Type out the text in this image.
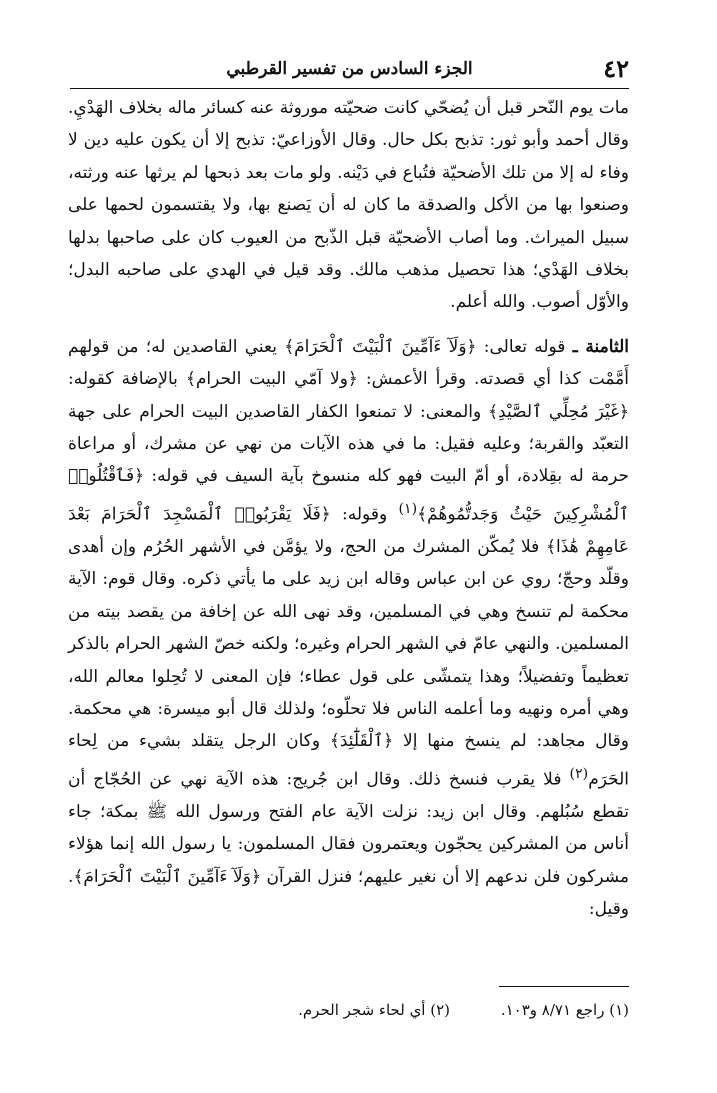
٤٢
الجزء السادس من تفسير القرطبي

مات يوم النّحر قبل أن يُضحّي كانت ضحيّته موروثة عنه كسائر ماله بخلاف الهَدْيِ. وقال أحمد وأبو ثور: تذبح بكل حال. وقال الأوزاعيّ: تذبح إلا أن يكون عليه دين لا وفاء له إلا من تلك الأضحيّة فتُباع في دَيْنه. ولو مات بعد ذبحها لم يرثها عنه ورثته، وصنعوا بها من الأكل والصدقة ما كان له أن يَصنع بها، ولا يقتسمون لحمها على سبيل الميراث. وما أصاب الأضحيّة قبل الذّبح من العيوب كان على صاحبها بدلها بخلاف الهَدْي؛ هذا تحصيل مذهب مالك. وقد قيل في الهدي على صاحبه البدل؛ والأوّل أصوب. والله أعلم.

الثامنة ـ قوله تعالى: ﴿وَلَآ ءَآمِّينَ ٱلْبَيْتَ ٱلْحَرَامَ﴾ يعني القاصدين له؛ من قولهم أَمَّمْت كذا أي قصدته. وقرأ الأعمش: ﴿ولا آمّي البيت الحرام﴾ بالإضافة كقوله: ﴿غَيْرَ مُحِلِّي ٱلصَّيْدِ﴾ والمعنى: لا تمنعوا الكفار القاصدين البيت الحرام على جهة التعبّد والقربة؛ وعليه فقيل: ما في هذه الآيات من نهي عن مشرك، أو مراعاة حرمة له بقِلادة، أو أمّ البيت فهو كله منسوخ بآية السيف في قوله: ﴿فَٱقْتُلُوا۟ ٱلْمُشْرِكِينَ حَيْثُ وَجَدتُّمُوهُمْ﴾$^{(١)}$ وقوله: ﴿فَلَا يَقْرَبُوا۟ ٱلْمَسْجِدَ ٱلْحَرَامَ بَعْدَ عَامِهِمْ هَٰذَا﴾ فلا يُمكّن المشرك من الحج، ولا يؤمَّن في الأشهر الحُرُم وإن أهدى وقلّد وحجّ؛ روي عن ابن عباس وقاله ابن زيد على ما يأتي ذكره. وقال قوم: الآية محكمة لم تنسخ وهي في المسلمين، وقد نهى الله عن إخافة من يقصد بيته من المسلمين. والنهي عامّ في الشهر الحرام وغيره؛ ولكنه خصّ الشهر الحرام بالذكر تعظيماً وتفضيلاً؛ وهذا يتمشّى على قول عطاء؛ فإن المعنى لا تُحِلوا معالم الله، وهي أمره ونهيه وما أعلمه الناس فلا تحلّوه؛ ولذلك قال أبو ميسرة: هي محكمة. وقال مجاهد: لم ينسخ منها إلا ﴿ٱلْقَلَٰٓئِدَ﴾ وكان الرجل يتقلد بشيء من لِحاء الحَرَم$^{(٢)}$ فلا يقرب فنسخ ذلك. وقال ابن جُريج: هذه الآية نهي عن الحُجّاج أن تقطع سُبُلهم. وقال ابن زيد: نزلت الآية عام الفتح ورسول الله ﷺ بمكة؛ جاء أناس من المشركين يحجّون ويعتمرون فقال المسلمون: يا رسول الله إنما هؤلاء مشركون فلن ندعهم إلا أن نغير عليهم؛ فنزل القرآن ﴿وَلَآ ءَآمِّينَ ٱلْبَيْتَ ٱلْحَرَامَ﴾. وقيل:

(١) راجع ٨/٧١ و١٠٣. (٢) أي لحاء شجر الحرم.
